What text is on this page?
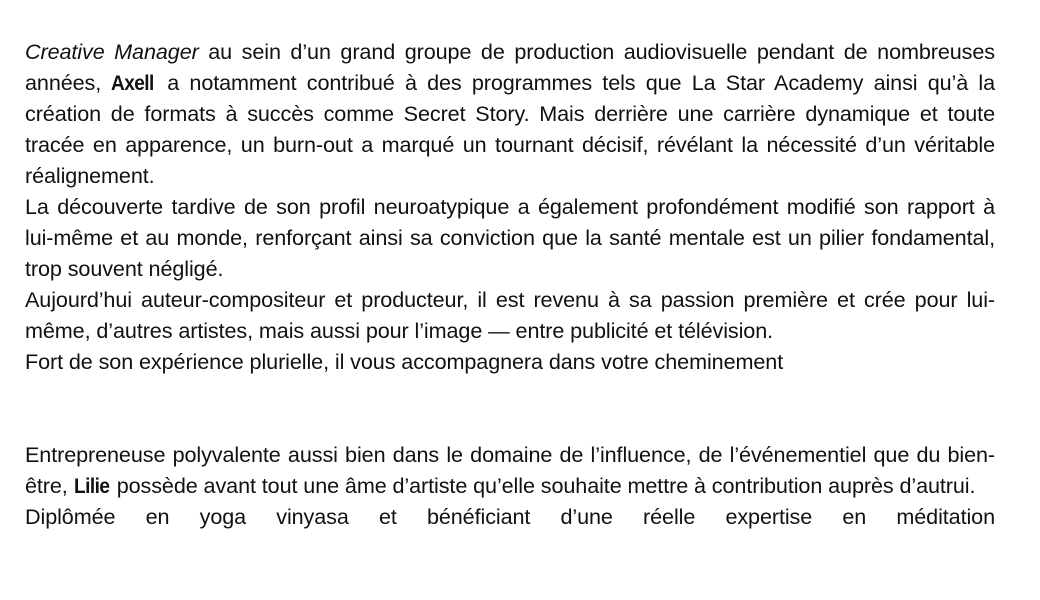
Creative Manager au sein d’un grand groupe de production audiovisuelle pendant de nombreuses années, Axell a notamment contribué à des programmes tels que La Star Academy ainsi qu’à la création de formats à succès comme Secret Story. Mais derrière une carrière dynamique et toute tracée en apparence, un burn-out a marqué un tournant décisif, révélant la nécessité d’un véritable réalignement.

La découverte tardive de son profil neuroatypique a également profondément modifié son rapport à lui-même et au monde, renforçant ainsi sa conviction que la santé mentale est un pilier fondamental, trop souvent négligé.

Aujourd’hui auteur-compositeur et producteur, il est revenu à sa passion première et crée pour lui-même, d’autres artistes, mais aussi pour l’image — entre publicité et télévision.

Fort de son expérience plurielle, il vous accompagnera dans votre cheminement

Entrepreneuse polyvalente aussi bien dans le domaine de l’influence, de l’événementiel que du bien-être, Lilie possède avant tout une âme d’artiste qu’elle souhaite mettre à contribution auprès d’autrui.

Diplômée en yoga vinyasa et bénéficiant d’une réelle expertise en méditation
